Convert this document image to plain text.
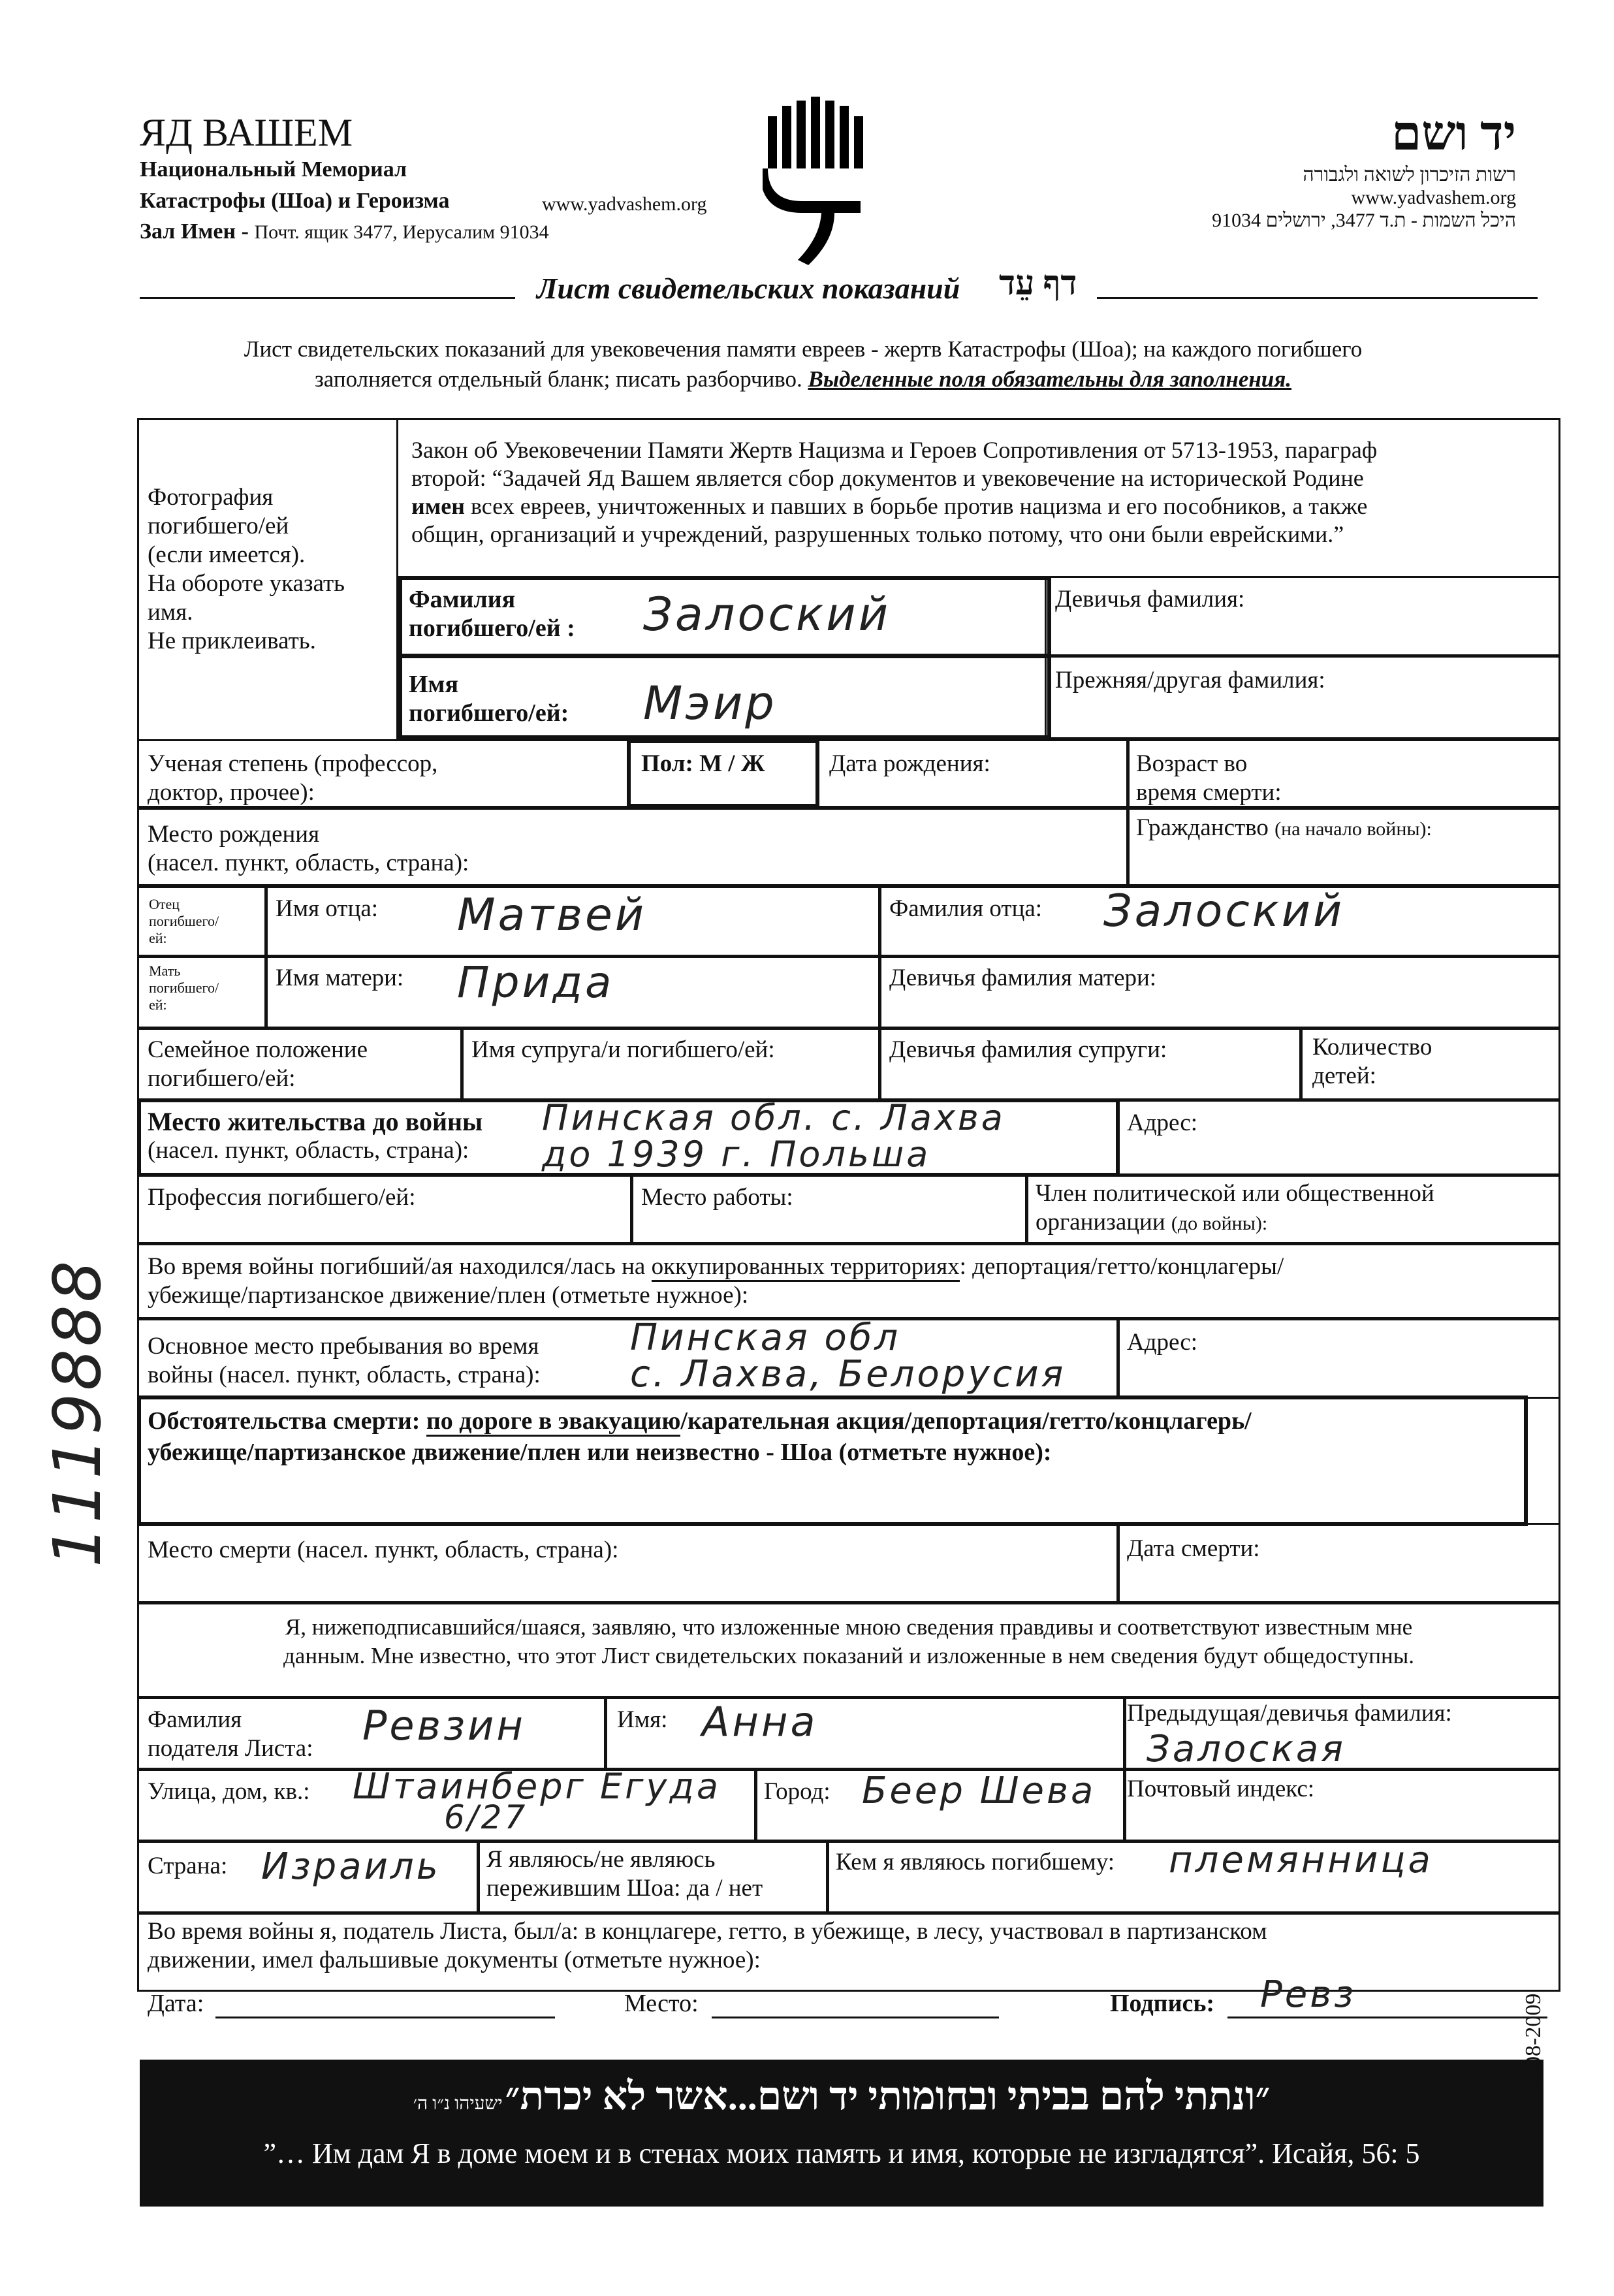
ЯД ВАШЕМ
Национальный Мемориал
Катастрофы (Шоа) и Героизма
Зал Имен - Почт. ящик 3477, Иерусалим 91034
www.yadvashem.org
יד ושם
רשות הזיכרון לשואה ולגבורה
www.yadvashem.org
היכל השמות - ת.ד 3477, ירושלים 91034
Лист свидетельских показаний דף עֵד
Лист свидетельских показаний для увековечения памяти евреев - жертв Катастрофы (Шоа); на каждого погибшего
заполняется отдельный бланк; писать разборчиво. Выделенные поля обязательны для заполнения.
Фотография
погибшего/ей
(если имеется).
На обороте указать
имя.
Не приклеивать.
Закон об Увековечении Памяти Жертв Нацизма и Героев Сопротивления от 5713-1953, параграф
второй: “Задачей Яд Вашем является сбор документов и увековечение на исторической Родине
имен всех евреев, уничтоженных и павших в борьбе против нацизма и его пособников, а также
общин, организаций и учреждений, разрушенных только потому, что они были еврейскими.”
Фамилия
погибшего/ей : Залоский	Девичья фамилия:
Имя
погибшего/ей: Мэир	Прежняя/другая фамилия:
Ученая степень (профессор,
доктор, прочее):
Пол: М / Ж	Дата рождения:	Возраст во
время смерти:
Место рождения
(насел. пункт, область, страна):
Гражданство (на начало войны):
Отец
погибшего/
ей:
Имя отца: Матвей	Фамилия отца: Залоский
Мать
погибшего/
ей:
Имя матери: Прида	Девичья фамилия матери:
Семейное положение
погибшего/ей:
Имя супруга/и погибшего/ей:	Девичья фамилия супруги:	Количество
детей:
Место жительства до войны
(насел. пункт, область, страна):
Пинская обл. с. Лахва
до 1939 г. Польша
Адрес:
Профессия погибшего/ей:	Место работы:	Член политической или общественной
организации (до войны):
Во время войны погибший/ая находился/лась на оккупированных территориях: депортация/гетто/концлагеры/
убежище/партизанское движение/плен (отметьте нужное):
Основное место пребывания во время
войны (насел. пункт, область, страна):
Пинская обл
с. Лахва, Белорусия
Адрес:
Обстоятельства смерти: по дороге в эвакуацию/карательная акция/депортация/гетто/концлагерь/
убежище/партизанское движение/плен или неизвестно - Шоа (отметьте нужное):
Место смерти (насел. пункт, область, страна):	Дата смерти:
Я, нижеподписавшийся/шаяся, заявляю, что изложенные мною сведения правдивы и соответствуют известным мне
данным. Мне известно, что этот Лист свидетельских показаний и изложенные в нем сведения будут общедоступны.
Фамилия
подателя Листа: Ревзин	Имя: Анна	Предыдущая/девичья фамилия:
Залоская
Улица, дом, кв.: Штаинберг Егуда
6/27
Город: Беер Шева Почтовый индекс:
Страна: Израиль Я являюсь/не являюсь
пережившим Шоа: да / нет
Кем я являюсь погибшему: племянница
Во время войны я, податель Листа, был/а: в концлагере, гетто, в убежище, в лесу, участвовал в партизанском
движении, имел фальшивые документы (отметьте нужное):
Дата:	Место:	Подпись: Ревз
״ונתתי להם בביתי ובחומותי יד ושם...אשר לא יכרת״ ישעיהו נ״ו ה׳
”… Им дам Я в доме моем и в стенах моих память и имя, которые не изгладятся”. Исайя, 56: 5
2008-2009
1119888
